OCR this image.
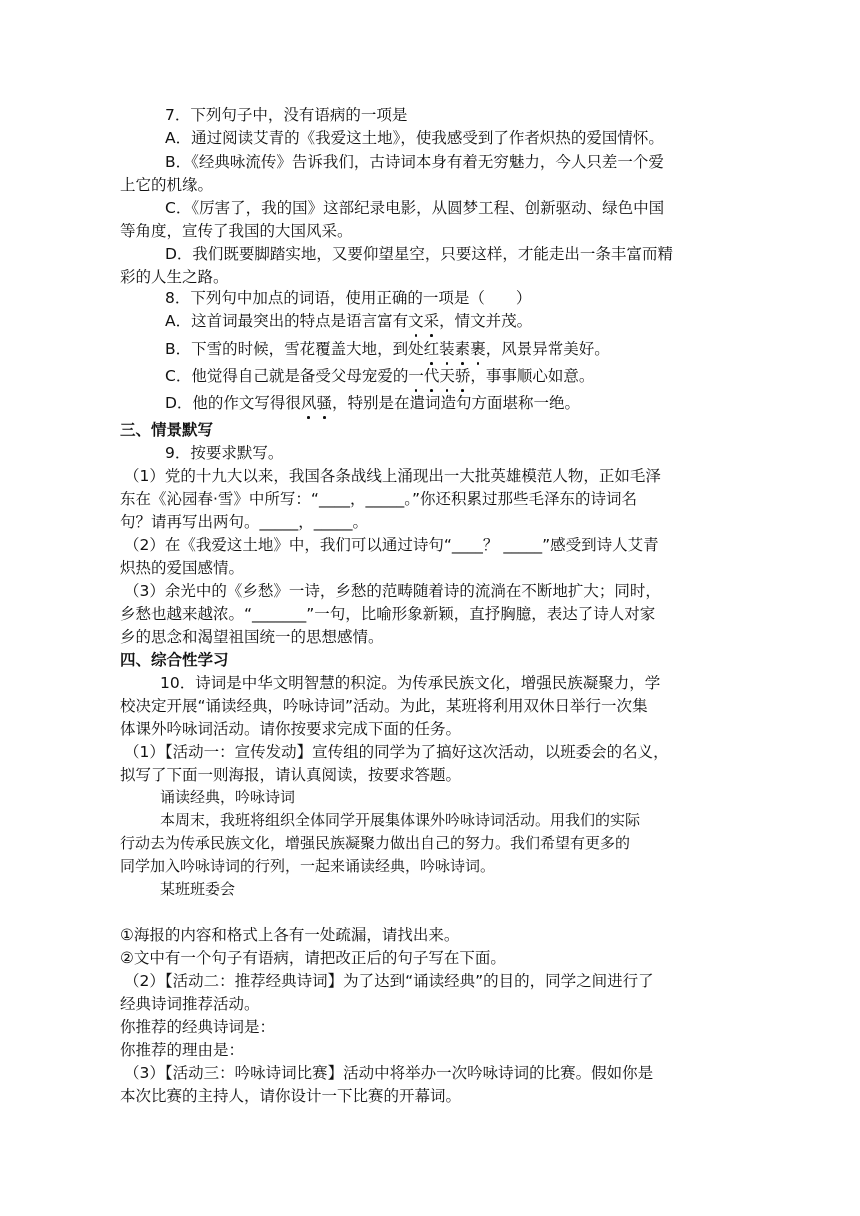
7．下列句子中，没有语病的一项是
A．通过阅读艾青的《我爱这土地》，使我感受到了作者炽热的爱国情怀。
B．《经典咏流传》告诉我们，古诗词本身有着无穷魅力，今人只差一个爱
上它的机缘。
C．《厉害了，我的国》这部纪录电影，从圆梦工程、创新驱动、绿色中国
等角度，宣传了我国的大国风采。
D．我们既要脚踏实地，又要仰望星空，只要这样，才能走出一条丰富而精
彩的人生之路。
8．下列句中加点的词语，使用正确的一项是（　　）
A．这首词最突出的特点是语言富有文采，情文并茂。
B．下雪的时候，雪花覆盖大地，到处红装素裹，风景异常美好。
C．他觉得自己就是备受父母宠爱的一代天骄，事事顺心如意。
D．他的作文写得很风骚，特别是在遣词造句方面堪称一绝。
三、情景默写
9．按要求默写。
（1）党的十九大以来，我国各条战线上涌现出一大批英雄模范人物，正如毛泽
东在《沁园春·雪》中所写：“____，_____。”你还积累过那些毛泽东的诗词名
句？请再写出两句。_____，_____。
（2）在《我爱这土地》中，我们可以通过诗句“____？ _____”感受到诗人艾青
炽热的爱国感情。
（3）余光中的《乡愁》一诗，乡愁的范畴随着诗的流淌在不断地扩大；同时，
乡愁也越来越浓。“_______”一句，比喻形象新颖，直抒胸臆，表达了诗人对家
乡的思念和渴望祖国统一的思想感情。
四、综合性学习
10．诗词是中华文明智慧的积淀。为传承民族文化，增强民族凝聚力，学
校决定开展“诵读经典，吟咏诗词”活动。为此，某班将利用双休日举行一次集
体课外吟咏词活动。请你按要求完成下面的任务。
（1）【活动一：宣传发动】宣传组的同学为了搞好这次活动，以班委会的名义，
拟写了下面一则海报，请认真阅读，按要求答题。
诵读经典，吟咏诗词
本周末，我班将组织全体同学开展集体课外吟咏诗词活动。用我们的实际
行动去为传承民族文化，增强民族凝聚力做出自己的努力。我们希望有更多的
同学加入吟咏诗词的行列，一起来诵读经典，吟咏诗词。
某班班委会
①海报的内容和格式上各有一处疏漏，请找出来。
②文中有一个句子有语病，请把改正后的句子写在下面。
（2）【活动二：推荐经典诗词】为了达到“诵读经典”的目的，同学之间进行了
经典诗词推荐活动。
你推荐的经典诗词是：
你推荐的理由是：
（3）【活动三：吟咏诗词比赛】活动中将举办一次吟咏诗词的比赛。假如你是
本次比赛的主持人，请你设计一下比赛的开幕词。
